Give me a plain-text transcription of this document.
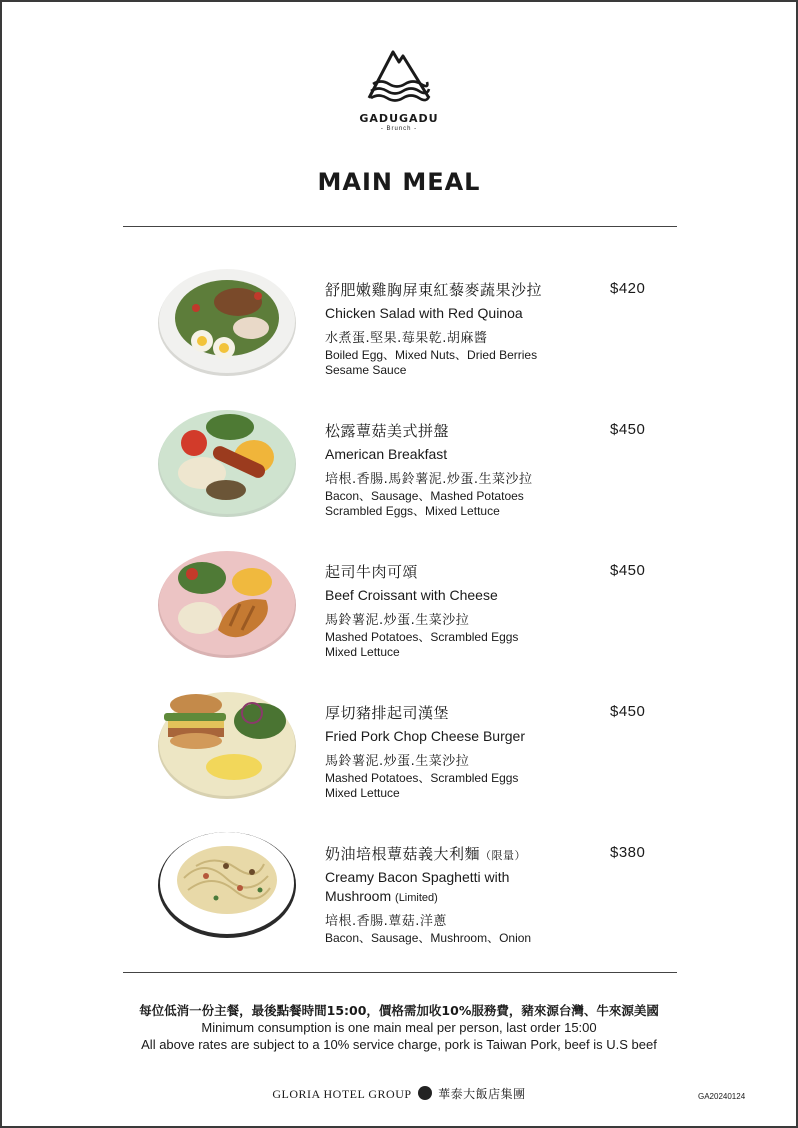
GADUGADU
- Brunch -
MAIN MEAL
舒肥嫩雞胸屏東紅藜麥蔬果沙拉
Chicken Salad with Red Quinoa
水煮蛋.堅果.莓果乾.胡麻醬
Boiled Egg、Mixed Nuts、Dried Berries
Sesame Sauce
$420
松露蕈菇美式拼盤
American Breakfast
培根.香腸.馬鈴薯泥.炒蛋.生菜沙拉
Bacon、Sausage、Mashed Potatoes
Scrambled Eggs、Mixed Lettuce
$450
起司牛肉可頌
Beef Croissant with Cheese
馬鈴薯泥.炒蛋.生菜沙拉
Mashed Potatoes、Scrambled Eggs
Mixed Lettuce
$450
厚切豬排起司漢堡
Fried Pork Chop Cheese Burger
馬鈴薯泥.炒蛋.生菜沙拉
Mashed Potatoes、Scrambled Eggs
Mixed Lettuce
$450
奶油培根蕈菇義大利麵（限量）
Creamy Bacon Spaghetti with Mushroom (Limited)
培根.香腸.蕈菇.洋蔥
Bacon、Sausage、Mushroom、Onion
$380
每位低消一份主餐，最後點餐時間15:00，價格需加收10%服務費，豬來源台灣、牛來源美國
Minimum consumption is one main meal per person, last order 15:00
All above rates are subject to a 10% service charge, pork is Taiwan Pork, beef is U.S beef
GLORIA HOTEL GROUP 華泰大飯店集團	GA20240124
